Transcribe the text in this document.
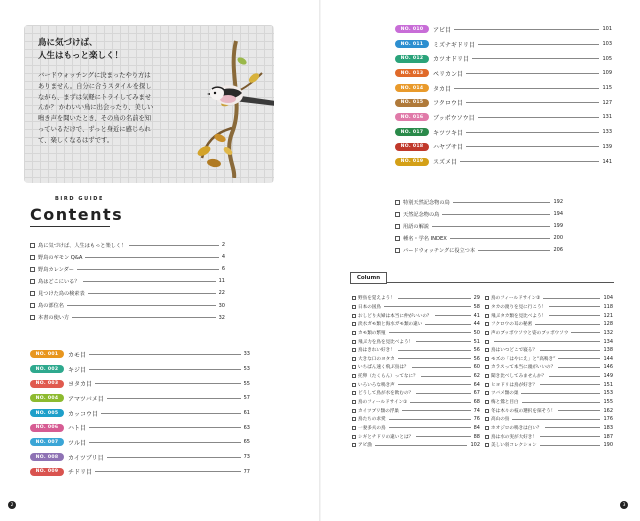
鳥に気づけば、
人生はもっと楽しく！
バードウォッチングに決まったやり方はありません。自分に合うスタイルを探しながら、まずは気軽にトライしてみませんか？ かわいい鳥に出会ったり、美しい鳴き声を聞いたとき、その鳥の名前を知っているだけで、ずっと身近に感じられて、楽しくなるはずです。
BIRD GUIDE
Contents
鳥に気づけば、人生はもっと楽しく！	2
野鳥のギモン Q&A	4
野鳥カレンダー	6
鳥はどこにいる？	11
見つけた鳥の検索表	22
鳥の部位名	30
本書の使い方	32
NO. 001	カモ目	33
NO. 002	キジ目	53
NO. 003	ヨタカ目	55
NO. 004	アマツバメ目	57
NO. 005	カッコウ目	61
NO. 006	ハト目	63
NO. 007	ツル目	65
NO. 008	カイツブリ目	73
NO. 009	チドリ目	77
NO. 010	アビ目	101
NO. 011	ミズナギドリ目	103
NO. 012	カツオドリ目	105
NO. 013	ペリカン目	109
NO. 014	タカ目	115
NO. 015	フクロウ目	127
NO. 016	ブッポウソウ目	131
NO. 017	キツツキ目	133
NO. 018	ハヤブサ目	139
NO. 019	スズメ目	141
特別天然記念物の鳥	192
天然記念物の鳥	194
用語の解説	199
種名・学名 INDEX	200
バードウォッチングに役立つ本	206
Column
野鳥を覚えよう！	29
日本の国鳥	58
おしどり夫婦は本当に仲がいいの？	41
淡水ガモ類と海水ガモ類の違い	44
カモ類の繁殖	50
飛ぶ力を鳥を見比べよう！	51
鳥はきれい好き！	56
大きな口のヨタカ	56
いちばん速く飛ぶ鳥は？	60
托卵（たくらん）ってなに？	62
いろいろな鳴き声	64
どうして鳥が水を飲むの？	67
鳥のフィールドサイン①	68
カイツブリ類の浮巣	74
鳥たちの求愛	76
一妻多夫の鳥	84
シギとチドリの違いとは？	88
アビ漁	102
鳥のフィールドサイン②	104
タカの渡りを見に行こう！	118
飛ぶタカ類を見比べよう！	121
フクロウの耳の秘密	128
声のブッポウソウと姿のブッポウソウ	132
134
鳥はいつどこで寝る？	138
モズの「はやにえ」と“高鳴き”	144
カラスって本当に頭がいいの？	146
聞き比べしてみませんか？	149
ヒヨドリは鳥が好き？	151
ツバメ類の巣	153
梅と鶯と目白	155
冬は木々の枝の選択を探そう！	162
高山の鳥	176
ホオジロの鳴きは白い？	183
鳥は水の実が大好き！	187
美しい羽コレクション	190
2	3
